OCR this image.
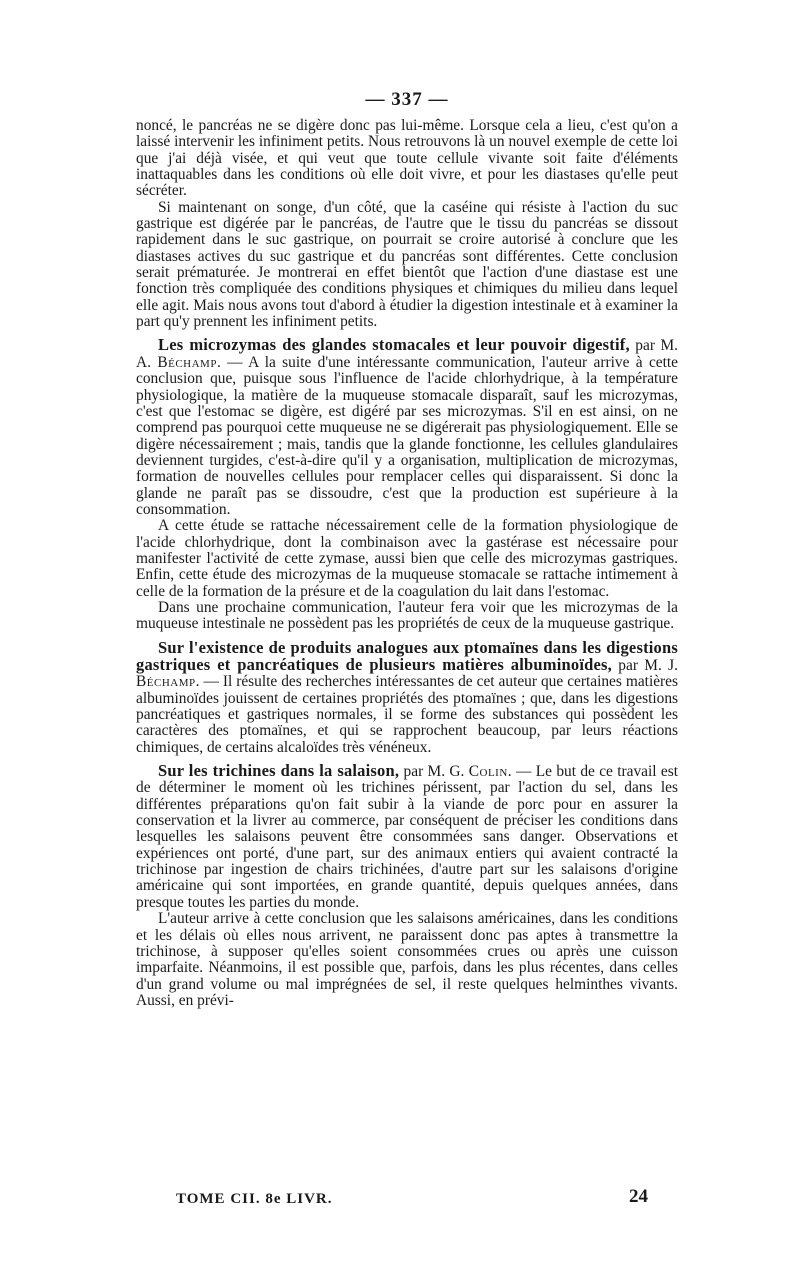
— 337 —

noncé, le pancréas ne se digère donc pas lui-même. Lorsque cela a lieu, c'est qu'on a laissé intervenir les infiniment petits. Nous retrouvons là un nouvel exemple de cette loi que j'ai déjà visée, et qui veut que toute cellule vivante soit faite d'éléments inattaquables dans les conditions où elle doit vivre, et pour les diastases qu'elle peut sécréter.

Si maintenant on songe, d'un côté, que la caséine qui résiste à l'action du suc gastrique est digérée par le pancréas, de l'autre que le tissu du pancréas se dissout rapidement dans le suc gastrique, on pourrait se croire autorisé à conclure que les diastases actives du suc gastrique et du pancréas sont différentes. Cette conclusion serait prématurée. Je montrerai en effet bientôt que l'action d'une diastase est une fonction très compliquée des conditions physiques et chimiques du milieu dans lequel elle agit. Mais nous avons tout d'abord à étudier la digestion intestinale et à examiner la part qu'y prennent les infiniment petits.

Les microzymas des glandes stomacales et leur pouvoir digestif, par M. A. Béchamp. — A la suite d'une intéressante communication, l'auteur arrive à cette conclusion que, puisque sous l'influence de l'acide chlorhydrique, à la température physiologique, la matière de la muqueuse stomacale disparaît, sauf les microzymas, c'est que l'estomac se digère, est digéré par ses microzymas. S'il en est ainsi, on ne comprend pas pourquoi cette muqueuse ne se digérerait pas physiologiquement. Elle se digère nécessairement ; mais, tandis que la glande fonctionne, les cellules glandulaires deviennent turgides, c'est-à-dire qu'il y a organisation, multiplication de microzymas, formation de nouvelles cellules pour remplacer celles qui disparaissent. Si donc la glande ne paraît pas se dissoudre, c'est que la production est supérieure à la consommation.

A cette étude se rattache nécessairement celle de la formation physiologique de l'acide chlorhydrique, dont la combinaison avec la gastérase est nécessaire pour manifester l'activité de cette zymase, aussi bien que celle des microzymas gastriques. Enfin, cette étude des microzymas de la muqueuse stomacale se rattache intimement à celle de la formation de la présure et de la coagulation du lait dans l'estomac.

Dans une prochaine communication, l'auteur fera voir que les microzymas de la muqueuse intestinale ne possèdent pas les propriétés de ceux de la muqueuse gastrique.

Sur l'existence de produits analogues aux ptomaïnes dans les digestions gastriques et pancréatiques de plusieurs matières albuminoïdes, par M. J. Béchamp. — Il résulte des recherches intéressantes de cet auteur que certaines matières albuminoïdes jouissent de certaines propriétés des ptomaïnes ; que, dans les digestions pancréatiques et gastriques normales, il se forme des substances qui possèdent les caractères des ptomaïnes, et qui se rapprochent beaucoup, par leurs réactions chimiques, de certains alcaloïdes très vénéneux.

Sur les trichines dans la salaison, par M. G. Colin. — Le but de ce travail est de déterminer le moment où les trichines périssent, par l'action du sel, dans les différentes préparations qu'on fait subir à la viande de porc pour en assurer la conservation et la livrer au commerce, par conséquent de préciser les conditions dans lesquelles les salaisons peuvent être consommées sans danger. Observations et expériences ont porté, d'une part, sur des animaux entiers qui avaient contracté la trichinose par ingestion de chairs trichinées, d'autre part sur les salaisons d'origine américaine qui sont importées, en grande quantité, depuis quelques années, dans presque toutes les parties du monde.

L'auteur arrive à cette conclusion que les salaisons américaines, dans les conditions et les délais où elles nous arrivent, ne paraissent donc pas aptes à transmettre la trichinose, à supposer qu'elles soient consommées crues ou après une cuisson imparfaite. Néanmoins, il est possible que, parfois, dans les plus récentes, dans celles d'un grand volume ou mal imprégnées de sel, il reste quelques helminthes vivants. Aussi, en prévi-

TOME CII. 8e LIVR.	24
